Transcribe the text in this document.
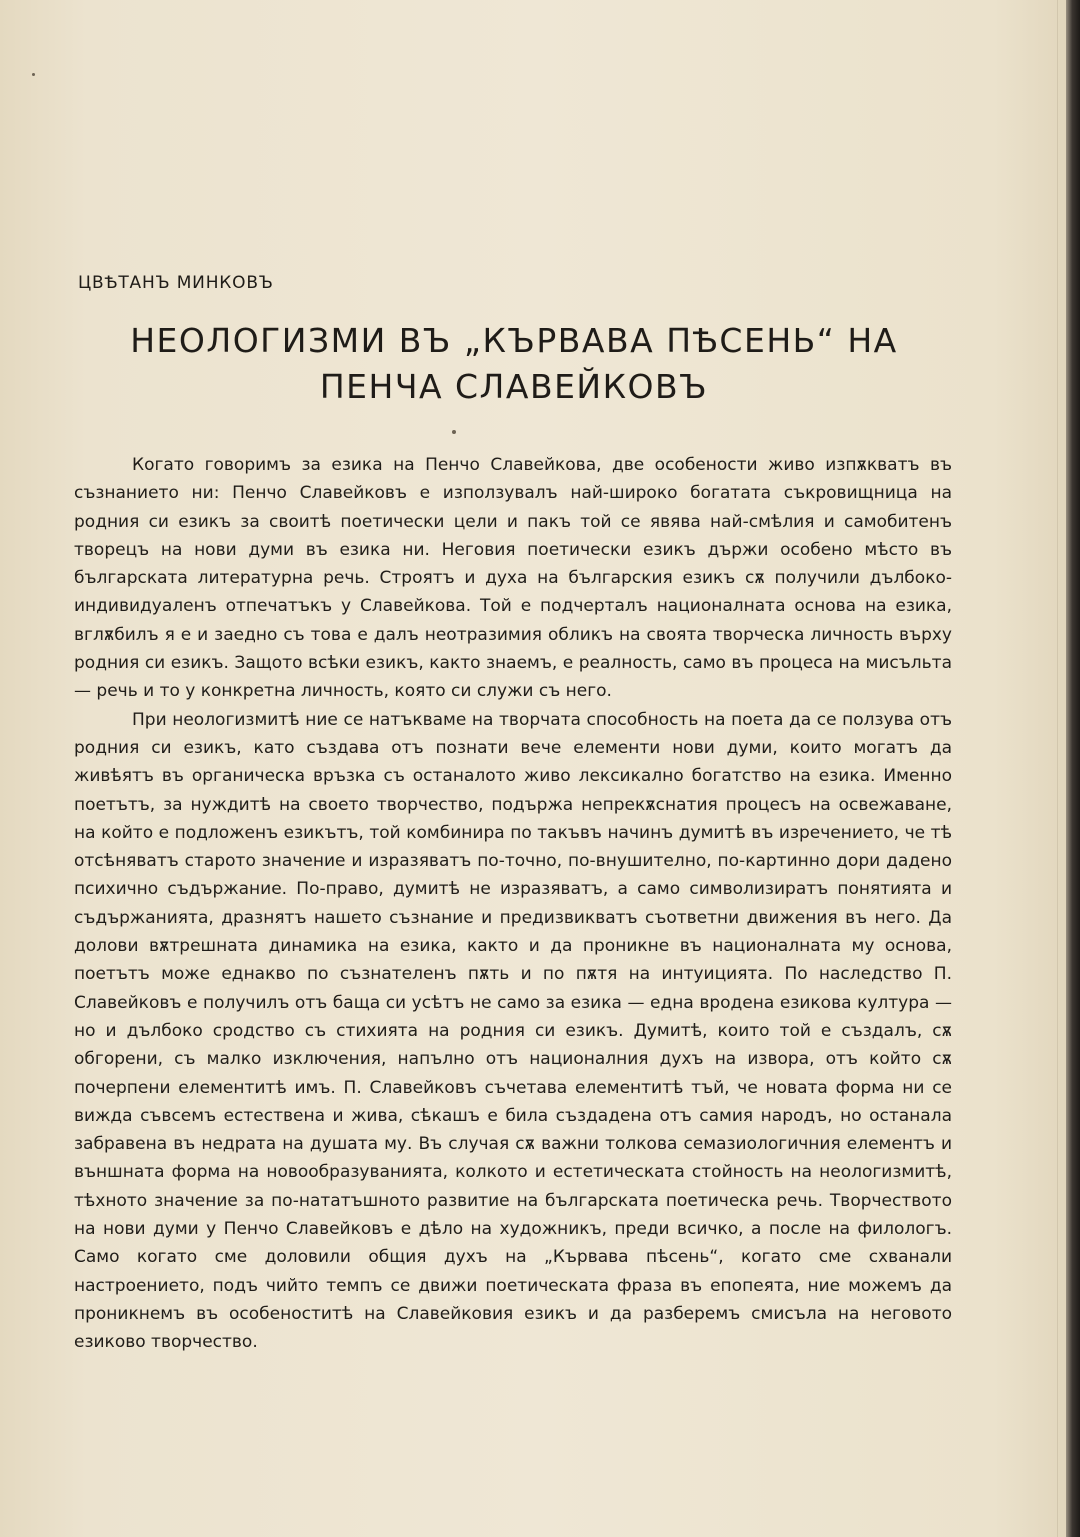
ЦВѢТАНЪ МИНКОВЪ
НЕОЛОГИЗМИ ВЪ „КЪРВАВА ПѢСЕНЬ“ НА
ПЕНЧА СЛАВЕЙКОВЪ

Когато говоримъ за езика на Пенчо Славейкова, две особености живо изпѫкватъ въ съзнанието ни: Пенчо Славейковъ е използувалъ най-широко богатата съкровищница на родния си езикъ за своитѣ поетически цели и пакъ той се явява най-смѣлия и самобитенъ творецъ на нови думи въ езика ни. Неговия поетически езикъ държи особено мѣсто въ българската литературна речь. Строятъ и духа на българския езикъ сѫ получили дълбоко-индивидуаленъ отпечатъкъ у Славейкова. Той е подчерталъ националната основа на езика, вглѫбилъ я е и заедно съ това е далъ неотразимия обликъ на своята творческа личность върху родния си езикъ. Защото всѣки езикъ, както знаемъ, е реалность, само въ процеса на мисъльта — речь и то у конкретна личность, която си служи съ него.

При неологизмитѣ ние се натъкваме на творчата способность на поета да се ползува отъ родния си езикъ, като създава отъ познати вече елементи нови думи, които могатъ да живѣятъ въ органическа връзка съ останалото живо лексикално богатство на езика. Именно поетътъ, за нуждитѣ на своето творчество, подържа непрекѫснатия процесъ на освежаване, на който е подложенъ езикътъ, той комбинира по такъвъ начинъ думитѣ въ изречението, че тѣ отсѣняватъ старото значение и изразяватъ по-точно, по-внушително, по-картинно дори дадено психично съдържание. По-право, думитѣ не изразяватъ, а само символизиратъ понятията и съдържанията, дразнятъ нашето съзнание и предизвикватъ съответни движения въ него. Да долови вѫтрешната динамика на езика, както и да проникне въ националната му основа, поетътъ може еднакво по съзнателенъ пѫть и по пѫтя на интуицията. По наследство П. Славейковъ е получилъ отъ баща си усѣтъ не само за езика — една вродена езикова култура — но и дълбоко сродство съ стихията на родния си езикъ. Думитѣ, които той е създалъ, сѫ обгорени, съ малко изключения, напълно отъ националния духъ на извора, отъ който сѫ почерпени елементитѣ имъ. П. Славейковъ съчетава елементитѣ тъй, че новата форма ни се вижда съвсемъ естествена и жива, сѣкашъ е била създадена отъ самия народъ, но останала забравена въ недрата на душата му. Въ случая сѫ важни толкова семазиологичния елементъ и външната форма на новообразуванията, колкото и естетическата стойность на неологизмитѣ, тѣхното значение за по-нататъшното развитие на българската поетическа речь. Творчеството на нови думи у Пенчо Славейковъ е дѣло на художникъ, преди всичко, а после на филологъ. Само когато сме доловили общия духъ на „Кървава пѣсень“, когато сме схванали настроението, подъ чийто темпъ се движи поетическата фраза въ епопеята, ние можемъ да проникнемъ въ особеноститѣ на Славейковия езикъ и да разберемъ смисъла на неговото езиково творчество.
